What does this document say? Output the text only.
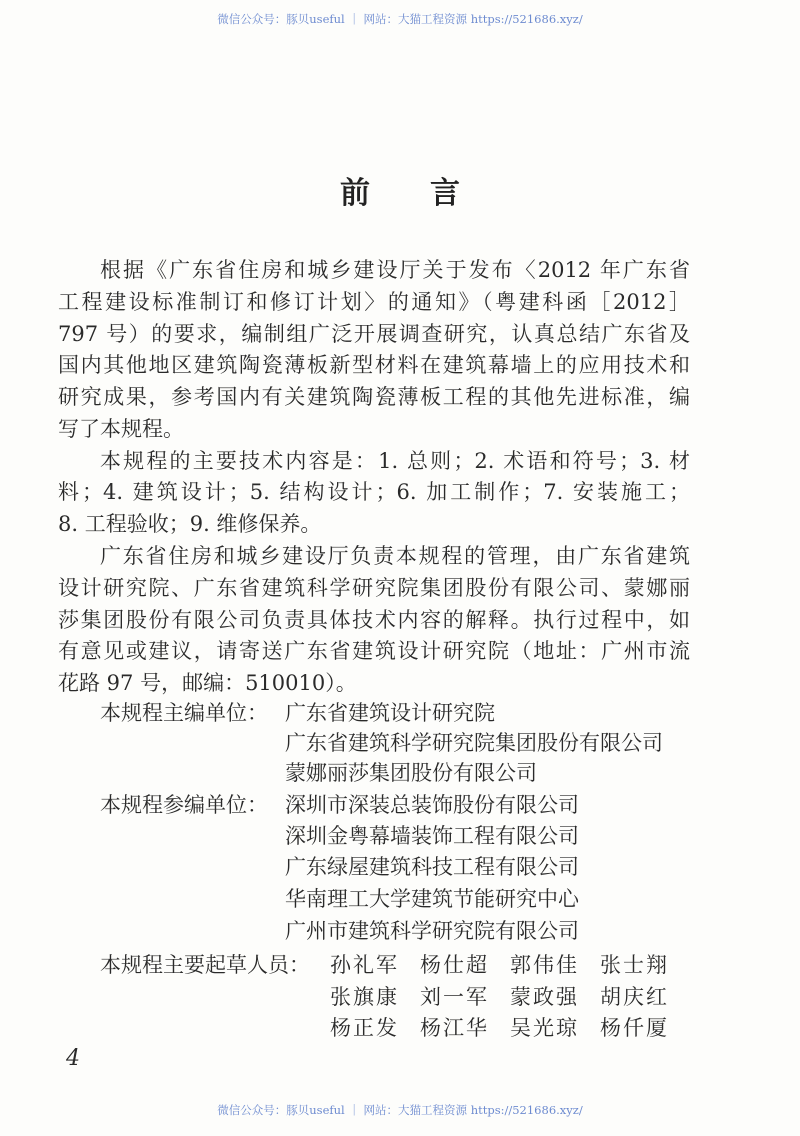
微信公众号：豚贝useful ｜ 网站：大猫工程资源 https://521686.xyz/
前言
根据《广东省住房和城乡建设厅关于发布〈2012 年广东省
工程建设标准制订和修订计划〉的通知》（粤建科函［2012］
797 号）的要求，编制组广泛开展调查研究，认真总结广东省及
国内其他地区建筑陶瓷薄板新型材料在建筑幕墙上的应用技术和
研究成果，参考国内有关建筑陶瓷薄板工程的其他先进标准，编
写了本规程。
本规程的主要技术内容是：1. 总则；2. 术语和符号；3. 材
料；4. 建筑设计；5. 结构设计；6. 加工制作；7. 安装施工；
8. 工程验收；9. 维修保养。
广东省住房和城乡建设厅负责本规程的管理，由广东省建筑
设计研究院、广东省建筑科学研究院集团股份有限公司、蒙娜丽
莎集团股份有限公司负责具体技术内容的解释。执行过程中，如
有意见或建议，请寄送广东省建筑设计研究院（地址：广州市流
花路 97 号，邮编：510010）。
本规程主编单位： 广东省建筑设计研究院
广东省建筑科学研究院集团股份有限公司
蒙娜丽莎集团股份有限公司
本规程参编单位： 深圳市深装总装饰股份有限公司
深圳金粤幕墙装饰工程有限公司
广东绿屋建筑科技工程有限公司
华南理工大学建筑节能研究中心
广州市建筑科学研究院有限公司
本规程主要起草人员： 孙礼军 杨仕超 郭伟佳 张士翔
张旗康 刘一军 蒙政强 胡庆红
杨正发 杨江华 吴光琼 杨仟厦
4
微信公众号：豚贝useful ｜ 网站：大猫工程资源 https://521686.xyz/
